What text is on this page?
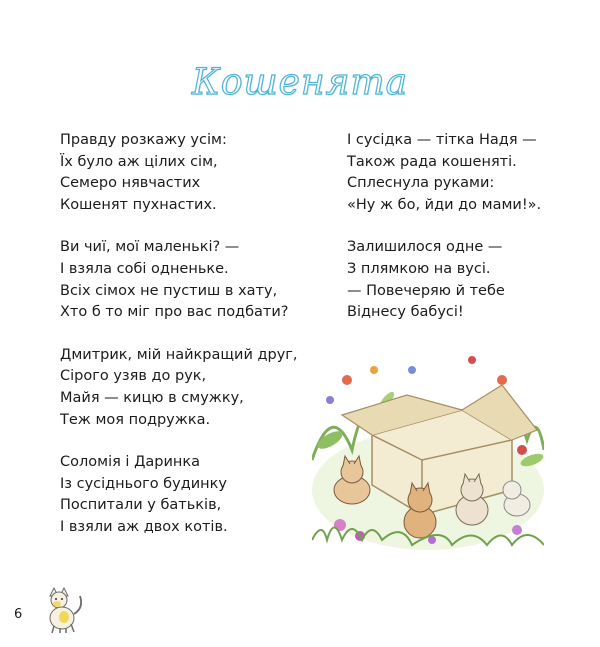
Кошенята
Правду розкажу усім:
Їх було аж цілих сім,
Семеро нявчастих
Кошенят пухнастих.
Ви чиї, мої маленькі? —
І взяла собі одненьке.
Всіх сімох не пустиш в хату,
Хто б то міг про вас подбати?
Дмитрик, мій найкращий друг,
Сірого узяв до рук,
Майя — кицю в смужку,
Теж моя подружка.
Соломія і Даринка
Із сусіднього будинку
Поспитали у батьків,
І взяли аж двох котів.
І сусідка — тітка Надя —
Також рада кошеняті.
Сплеснула руками:
«Ну ж бо, йди до мами!».
Залишилося одне —
З плямкою на вусі.
— Повечеряю й тебе
Віднесу бабусі!
6
